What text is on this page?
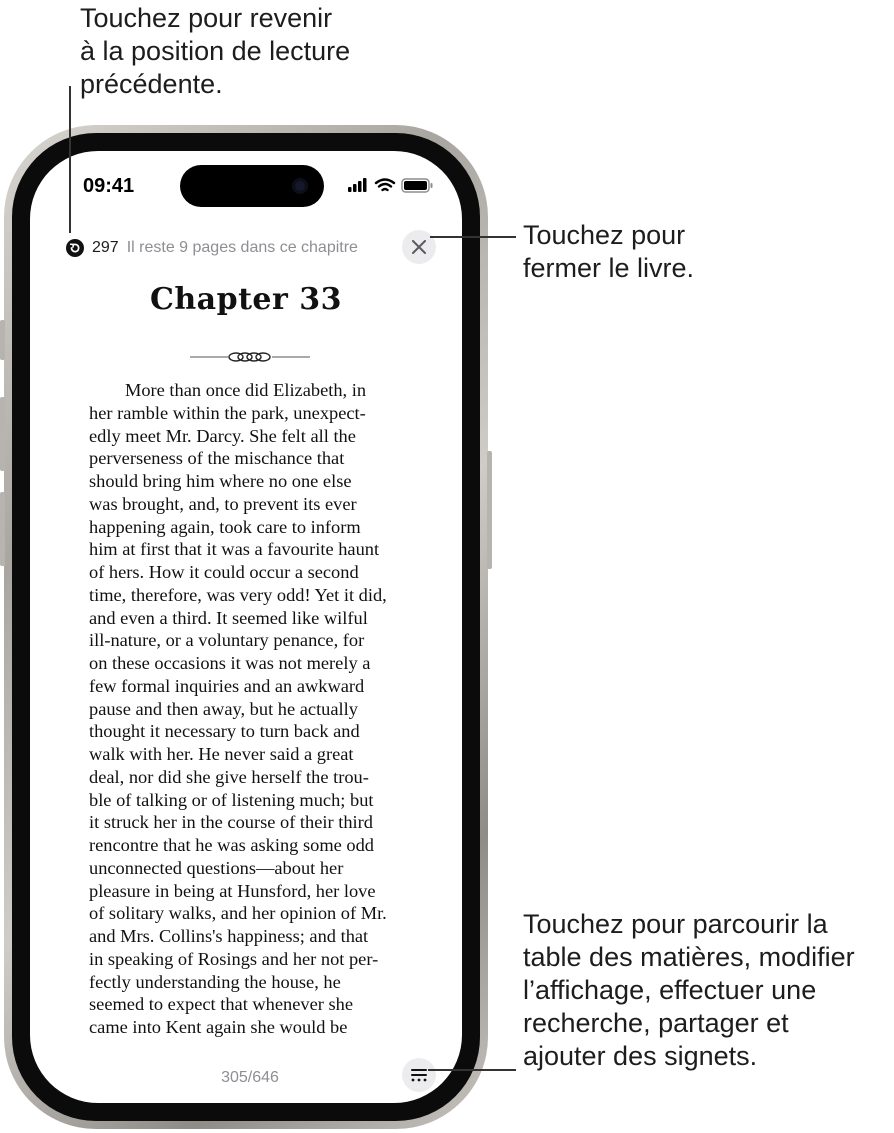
Touchez pour revenir
à la position de lecture
précédente.
Touchez pour
fermer le livre.
Touchez pour parcourir la
table des matières, modifier
l’affichage, effectuer une
recherche, partager et
ajouter des signets.
09:41
297 Il reste 9 pages dans ce chapitre
Chapter 33
More than once did Elizabeth, in
her ramble within the park, unexpect-
edly meet Mr. Darcy. She felt all the
perverseness of the mischance that
should bring him where no one else
was brought, and, to prevent its ever
happening again, took care to inform
him at first that it was a favourite haunt
of hers. How it could occur a second
time, therefore, was very odd! Yet it did,
and even a third. It seemed like wilful
ill-nature, or a voluntary penance, for
on these occasions it was not merely a
few formal inquiries and an awkward
pause and then away, but he actually
thought it necessary to turn back and
walk with her. He never said a great
deal, nor did she give herself the trou-
ble of talking or of listening much; but
it struck her in the course of their third
rencontre that he was asking some odd
unconnected questions—about her
pleasure in being at Hunsford, her love
of solitary walks, and her opinion of Mr.
and Mrs. Collins's happiness; and that
in speaking of Rosings and her not per-
fectly understanding the house, he
seemed to expect that whenever she
came into Kent again she would be
305/646
